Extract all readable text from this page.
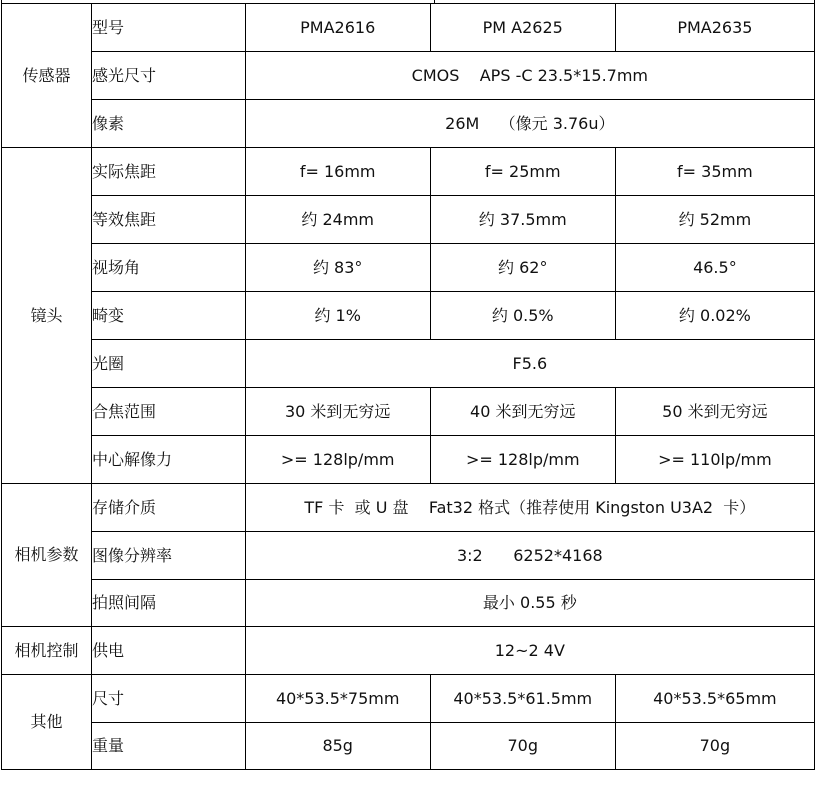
传感器	型号	PMA2616	PM A2625	PMA2635
	感光尺寸	CMOS    APS -C 23.5*15.7mm		
	像素	26M    （像元 3.76u）		
镜头	实际焦距	f= 16mm	f= 25mm	f= 35mm
	等效焦距	约 24mm	约 37.5mm	约 52mm
	视场角	约 83°	约 62°	46.5°
	畸变	约 1%	约 0.5%	约 0.02%
	光圈	F5.6		
	合焦范围	30 米到无穷远	40 米到无穷远	50 米到无穷远
	中心解像力	>= 128lp/mm	>= 128lp/mm	>= 110lp/mm
相机参数	存储介质	TF 卡  或 U 盘    Fat32 格式（推荐使用 Kingston U3A2  卡）		
	图像分辨率	3:2      6252*4168		
	拍照间隔	最小 0.55 秒		
相机控制	供电	12~2 4V		
其他	尺寸	40*53.5*75mm	40*53.5*61.5mm	40*53.5*65mm
	重量	85g	70g	70g
